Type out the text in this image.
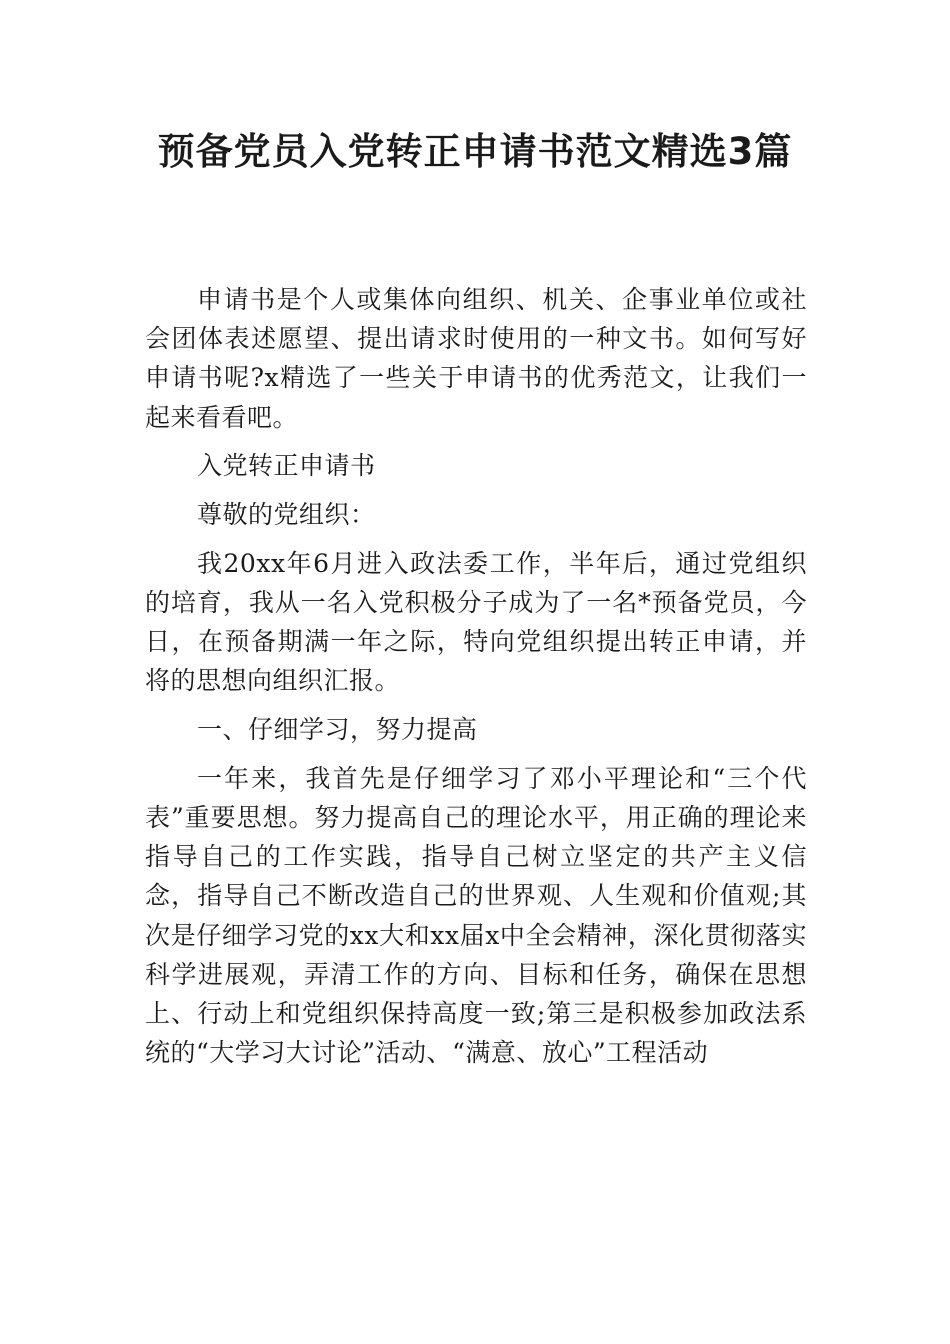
预备党员入党转正申请书范文精选3篇

申请书是个人或集体向组织、机关、企事业单位或社会团体表述愿望、提出请求时使用的一种文书。如何写好申请书呢?x精选了一些关于申请书的优秀范文，让我们一起来看看吧。

入党转正申请书

尊敬的党组织：

我20xx年6月进入政法委工作，半年后，通过党组织的培育，我从一名入党积极分子成为了一名*预备党员，今日，在预备期满一年之际，特向党组织提出转正申请，并将的思想向组织汇报。

一、仔细学习，努力提高

一年来，我首先是仔细学习了邓小平理论和“三个代表”重要思想。努力提高自己的理论水平，用正确的理论来指导自己的工作实践，指导自己树立坚定的共产主义信念，指导自己不断改造自己的世界观、人生观和价值观;其次是仔细学习党的xx大和xx届x中全会精神，深化贯彻落实科学进展观，弄清工作的方向、目标和任务，确保在思想上、行动上和党组织保持高度一致;第三是积极参加政法系统的“大学习大讨论”活动、“满意、放心”工程活动
